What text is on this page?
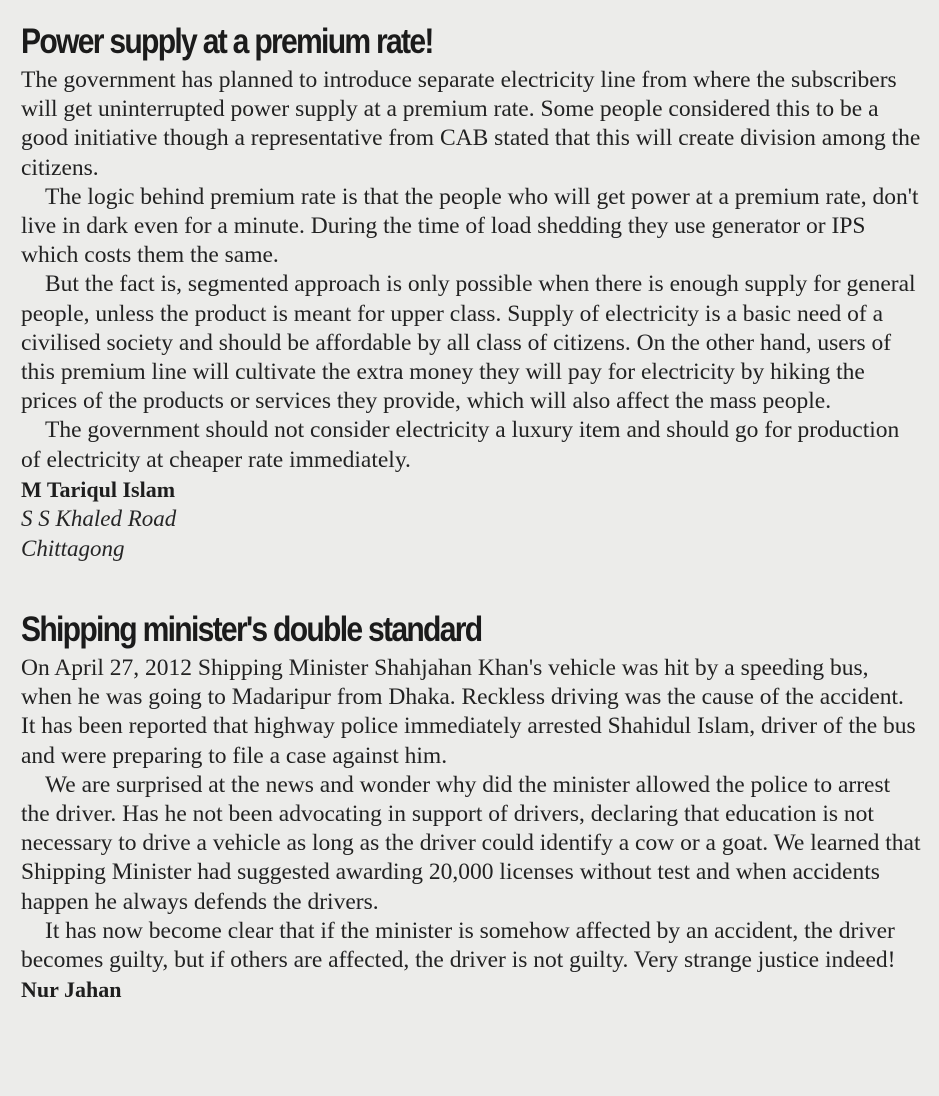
Power supply at a premium rate!

The government has planned to introduce separate electricity line from where the subscribers will get uninterrupted power supply at a premium rate. Some people considered this to be a good initiative though a representative from CAB stated that this will create division among the citizens.

The logic behind premium rate is that the people who will get power at a premium rate, don't live in dark even for a minute. During the time of load shedding they use generator or IPS which costs them the same.

But the fact is, segmented approach is only possible when there is enough supply for general people, unless the product is meant for upper class. Supply of electricity is a basic need of a civilised society and should be affordable by all class of citizens. On the other hand, users of this premium line will cultivate the extra money they will pay for electricity by hiking the prices of the products or services they provide, which will also affect the mass people.

The government should not consider electricity a luxury item and should go for production of electricity at cheaper rate immediately.

M Tariqul Islam

S S Khaled Road

Chittagong

Shipping minister's double standard

On April 27, 2012 Shipping Minister Shahjahan Khan's vehicle was hit by a speeding bus, when he was going to Madaripur from Dhaka. Reckless driving was the cause of the accident. It has been reported that highway police immediately arrested Shahidul Islam, driver of the bus and were preparing to file a case against him.

We are surprised at the news and wonder why did the minister allowed the police to arrest the driver. Has he not been advocating in support of drivers, declaring that education is not necessary to drive a vehicle as long as the driver could identify a cow or a goat. We learned that Shipping Minister had suggested awarding 20,000 licenses without test and when accidents happen he always defends the drivers.

It has now become clear that if the minister is somehow affected by an accident, the driver becomes guilty, but if others are affected, the driver is not guilty. Very strange justice indeed!

Nur Jahan
